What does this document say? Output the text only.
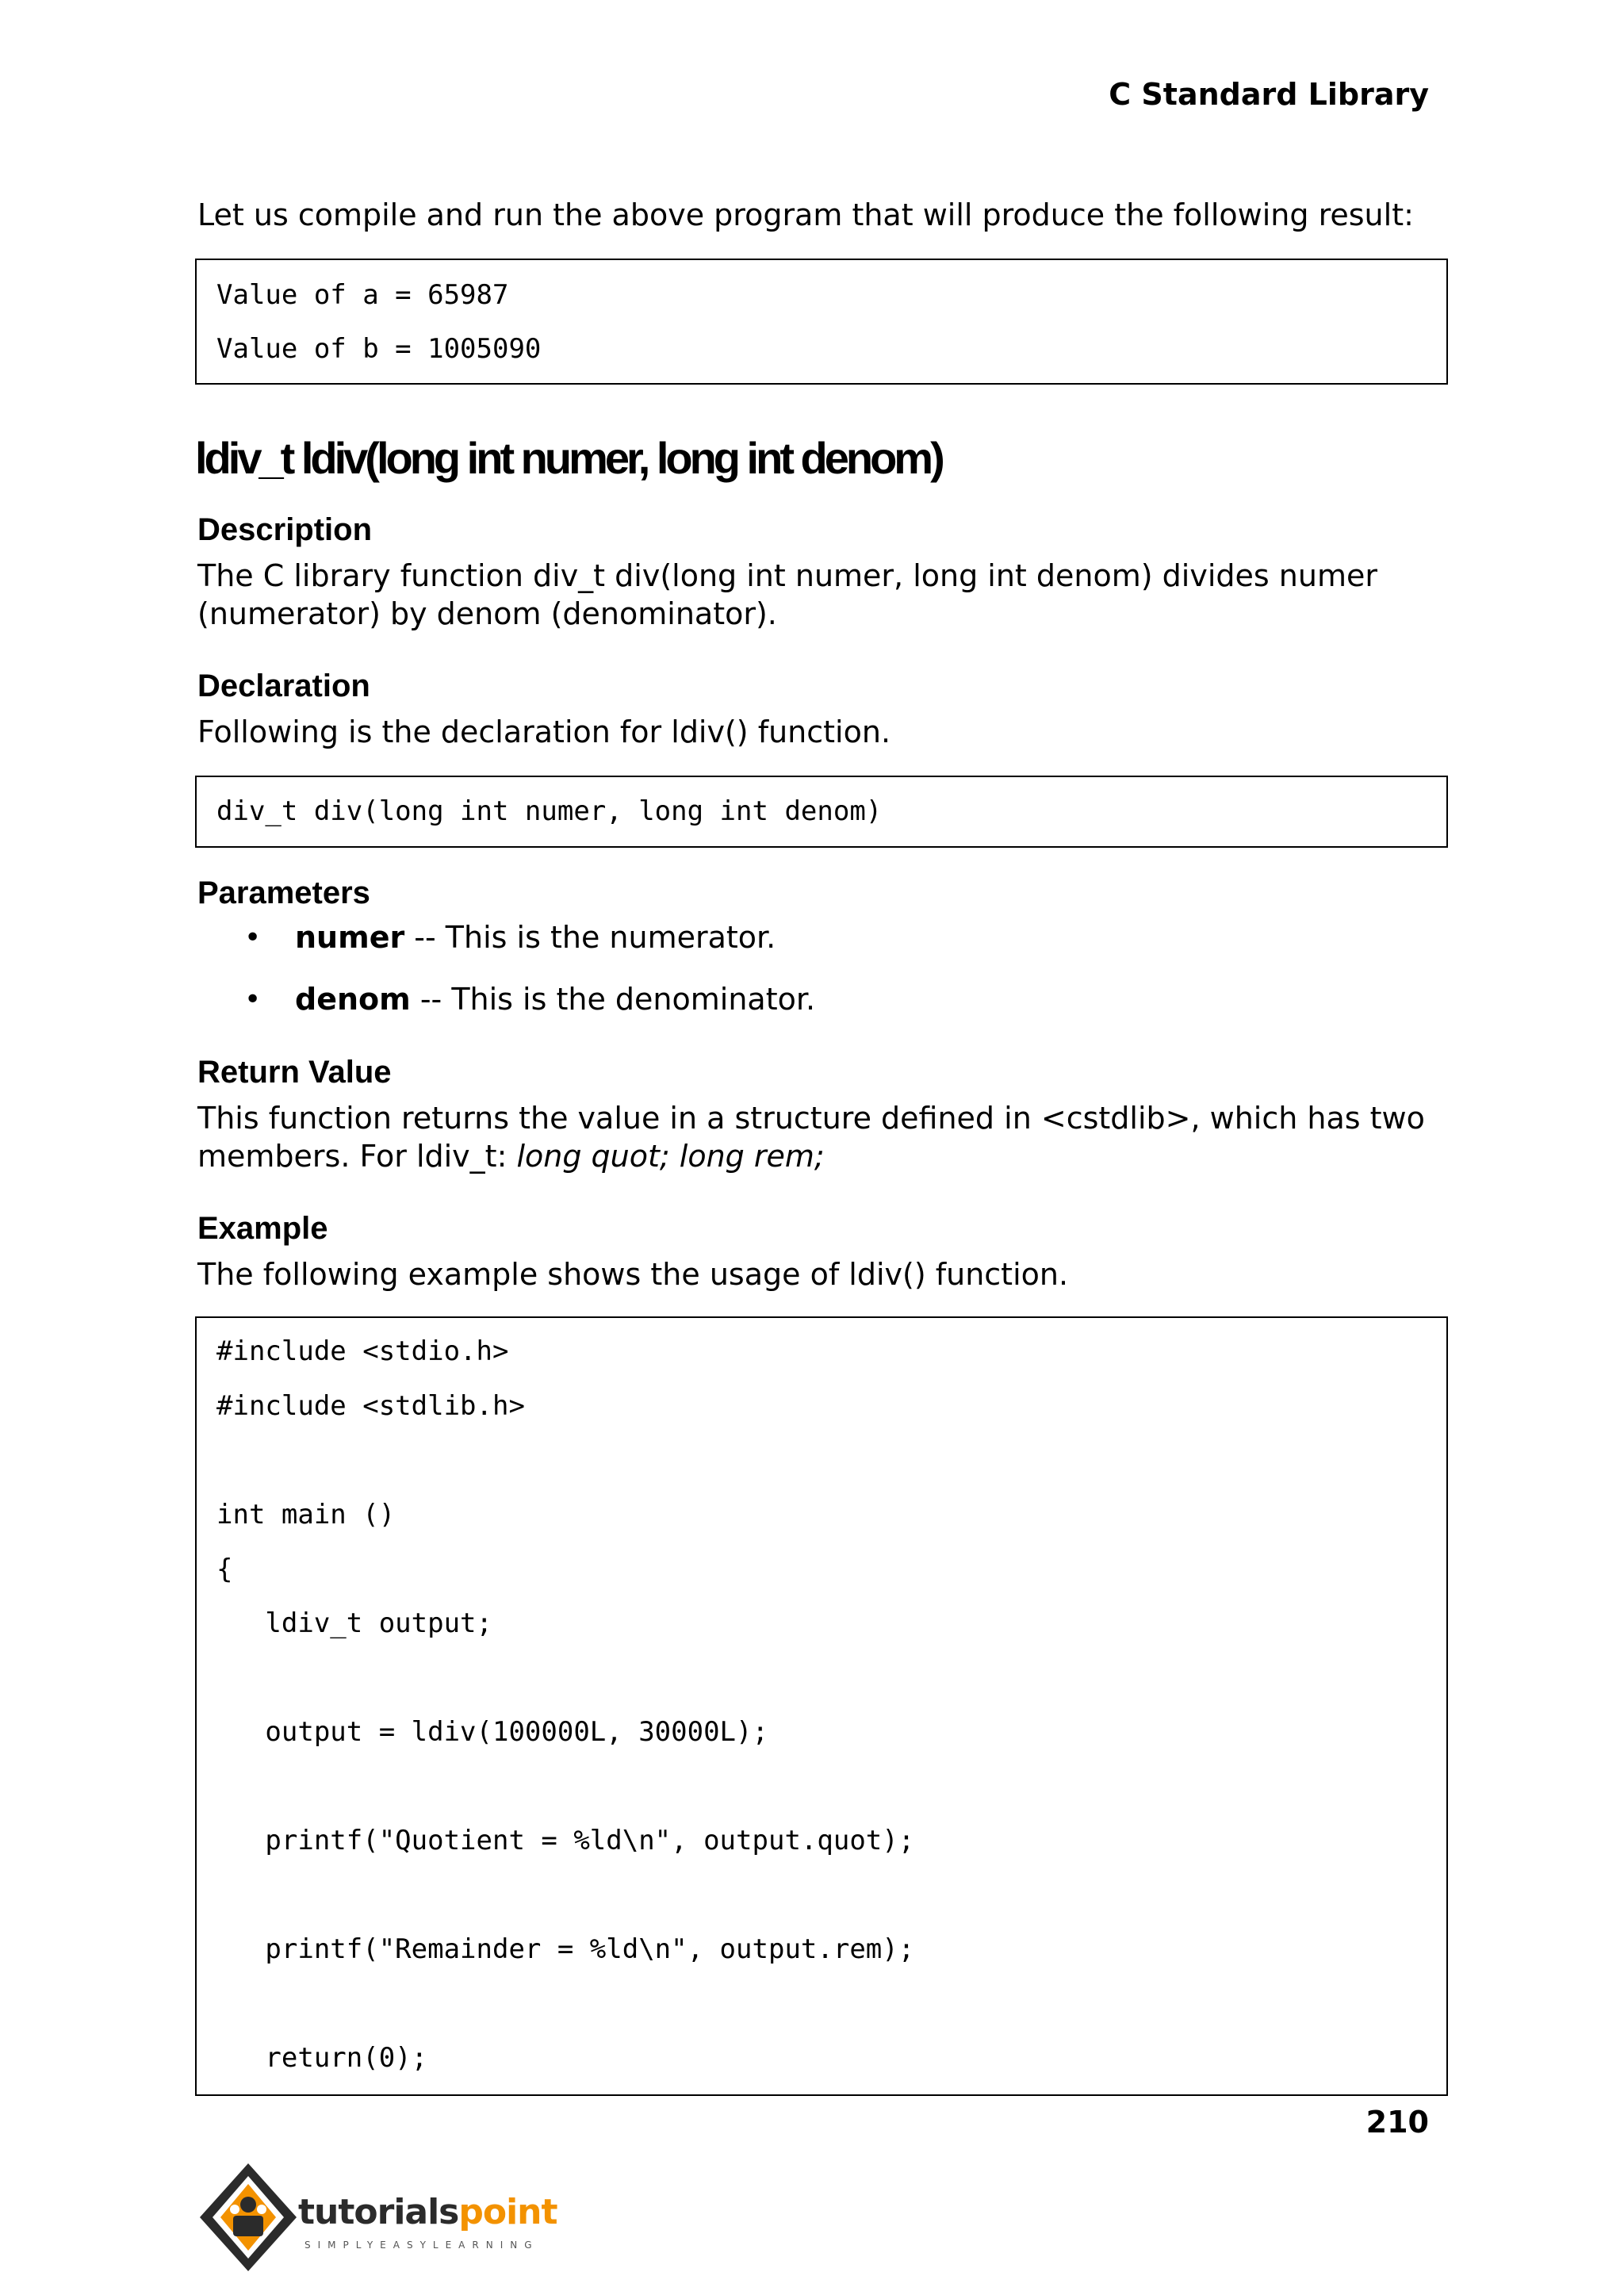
C Standard Library
Let us compile and run the above program that will produce the following result:
Value of a = 65987
Value of b = 1005090
ldiv_t ldiv(long int numer, long int denom)
Description
The C library function div_t div(long int numer, long int denom) divides numer
(numerator) by denom (denominator).
Declaration
Following is the declaration for ldiv() function.
div_t div(long int numer, long int denom)
Parameters
• numer -- This is the numerator.
• denom -- This is the denominator.
Return Value
This function returns the value in a structure defined in <cstdlib>, which has two
members. For ldiv_t: long quot; long rem;
Example
The following example shows the usage of ldiv() function.
#include <stdio.h>
#include <stdlib.h>
int main ()
{
ldiv_t output;
output = ldiv(100000L, 30000L);
printf("Quotient = %ld\n", output.quot);
printf("Remainder = %ld\n", output.rem);
return(0);
210
tutorialspoint
SIMPLYEASYLEARNING
